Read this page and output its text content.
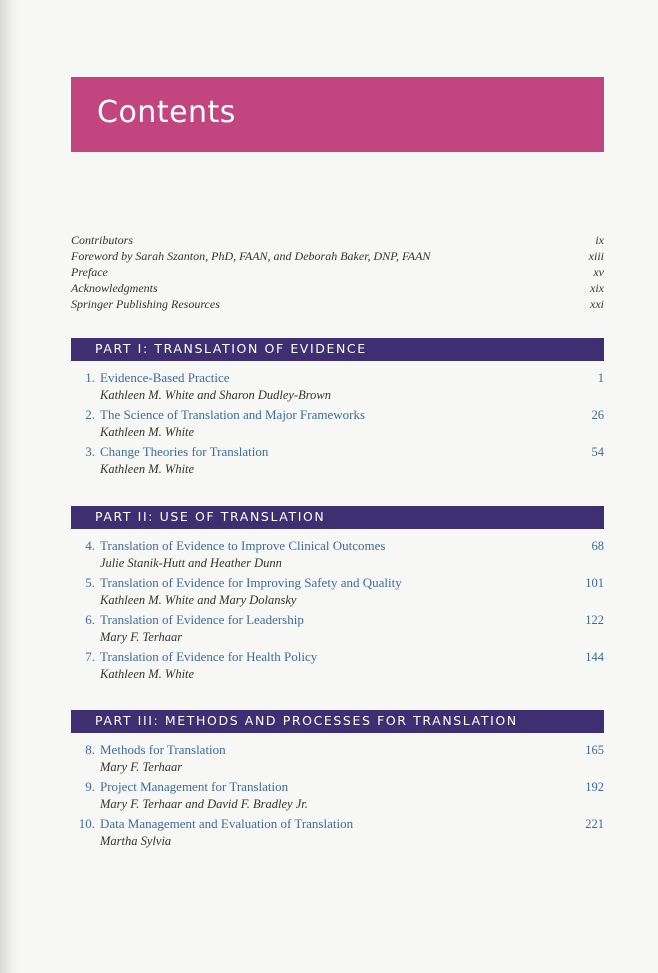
Contents
Contributors	ix
Foreword by Sarah Szanton, PhD, FAAN, and Deborah Baker, DNP, FAAN	xiii
Preface	xv
Acknowledgments	xix
Springer Publishing Resources	xxi
PART I: TRANSLATION OF EVIDENCE
1. Evidence-Based Practice	1
Kathleen M. White and Sharon Dudley-Brown
2. The Science of Translation and Major Frameworks	26
Kathleen M. White
3. Change Theories for Translation	54
Kathleen M. White
PART II: USE OF TRANSLATION
4. Translation of Evidence to Improve Clinical Outcomes	68
Julie Stanik-Hutt and Heather Dunn
5. Translation of Evidence for Improving Safety and Quality	101
Kathleen M. White and Mary Dolansky
6. Translation of Evidence for Leadership	122
Mary F. Terhaar
7. Translation of Evidence for Health Policy	144
Kathleen M. White
PART III: METHODS AND PROCESSES FOR TRANSLATION
8. Methods for Translation	165
Mary F. Terhaar
9. Project Management for Translation	192
Mary F. Terhaar and David F. Bradley Jr.
10. Data Management and Evaluation of Translation	221
Martha Sylvia
